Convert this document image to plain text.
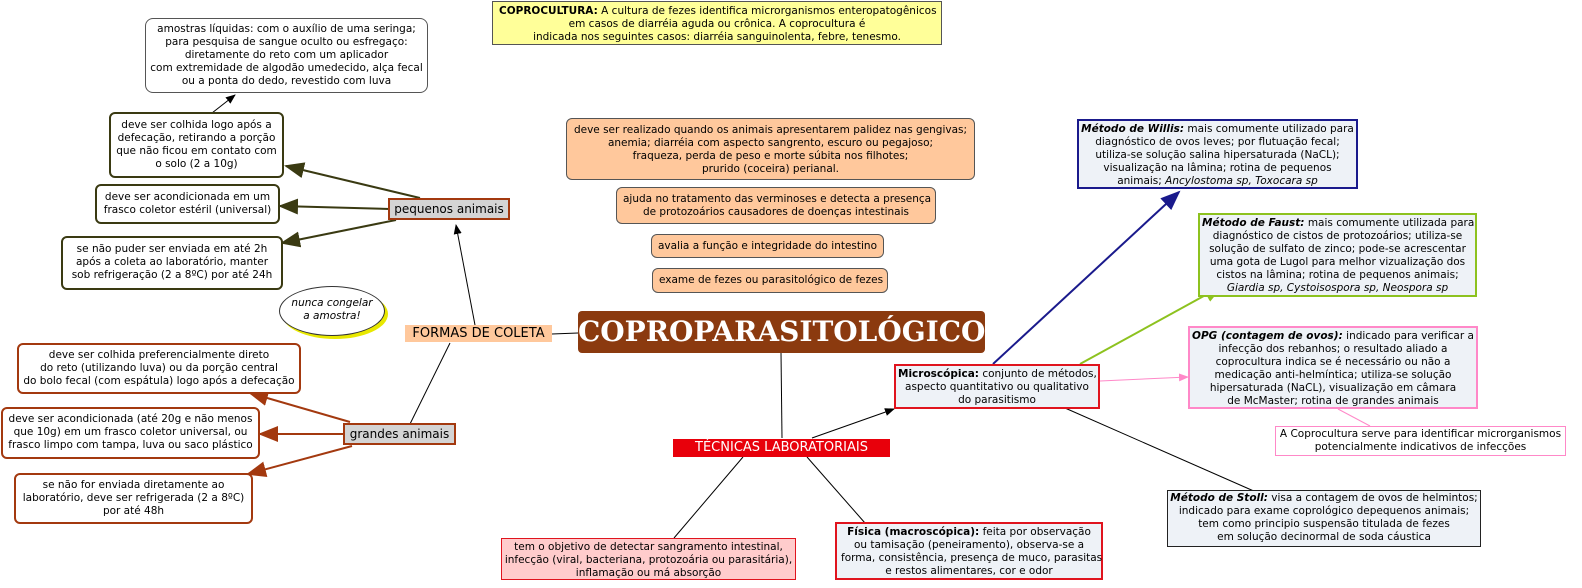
COPROCULTURA: A cultura de fezes identifica microrganismos enteropatogênicos
em casos de diarréia aguda ou crônica. A coprocultura é
indicada nos seguintes casos: diarréia sanguinolenta, febre, tenesmo.
amostras líquidas: com o auxílio de uma seringa;
para pesquisa de sangue oculto ou esfregaço:
diretamente do reto com um aplicador
com extremidade de algodão umedecido, alça fecal
ou a ponta do dedo, revestido com luva
deve ser colhida logo após a
defecação, retirando a porção
que não ficou em contato com
o solo (2 a 10g)
deve ser acondicionada em um
frasco coletor estéril (universal)
se não puder ser enviada em até 2h
após a coleta ao laboratório, manter
sob refrigeração (2 a 8ºC) por até 24h
pequenos animais
nunca congelar
a amostra!
FORMAS DE COLETA COPROPARASITOLÓGICO
deve ser colhida preferencialmente direto
do reto (utilizando luva) ou da porção central
do bolo fecal (com espátula) logo após a defecação
deve ser acondicionada (até 20g e não menos
que 10g) em um frasco coletor universal, ou
frasco limpo com tampa, luva ou saco plástico
se não for enviada diretamente ao
laboratório, deve ser refrigerada (2 a 8ºC)
por até 48h
grandes animais
deve ser realizado quando os animais apresentarem palidez nas gengivas;
anemia; diarréia com aspecto sangrento, escuro ou pegajoso;
fraqueza, perda de peso e morte súbita nos filhotes;
prurido (coceira) perianal.
ajuda no tratamento das verminoses e detecta a presença
de protozoários causadores de doenças intestinais
avalia a função e integridade do intestino
exame de fezes ou parasitológico de fezes
TÉCNICAS LABORATORIAIS
tem o objetivo de detectar sangramento intestinal,
infecção (viral, bacteriana, protozoária ou parasitária),
inflamação ou má absorção
Física (macroscópica): feita por observação
ou tamisação (peneiramento), observa-se a
forma, consistência, presença de muco, parasitas
e restos alimentares, cor e odor
Microscópica: conjunto de métodos,
aspecto quantitativo ou qualitativo
do parasitismo
Método de Willis: mais comumente utilizado para
diagnóstico de ovos leves; por flutuação fecal;
utiliza-se solução salina hipersaturada (NaCL);
visualização na lâmina; rotina de pequenos
animais; Ancylostoma sp, Toxocara sp
Método de Faust: mais comumente utilizada para
diagnóstico de cistos de protozoários; utiliza-se
solução de sulfato de zinco; pode-se acrescentar
uma gota de Lugol para melhor vizualização dos
cistos na lâmina; rotina de pequenos animais;
Giardia sp, Cystoisospora sp, Neospora sp
OPG (contagem de ovos): indicado para verificar a
infecção dos rebanhos; o resultado aliado a
coprocultura indica se é necessário ou não a
medicação anti-helmíntica; utiliza-se solução
hipersaturada (NaCL), visualização em câmara
de McMaster; rotina de grandes animais
A Coprocultura serve para identificar microrganismos
potencialmente indicativos de infecções
Método de Stoll: visa a contagem de ovos de helmintos;
indicado para exame coprológico depequenos animais;
tem como principio suspensão titulada de fezes
em solução decinormal de soda cáustica
